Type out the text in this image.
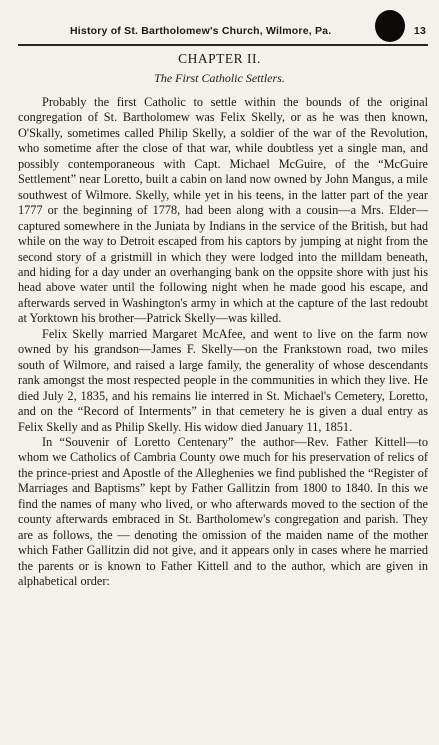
History of St. Bartholomew's Church, Wilmore, Pa.	13
CHAPTER II.
The First Catholic Settlers.

Probably the first Catholic to settle within the bounds of the original congregation of St. Bartholomew was Felix Skelly, or as he was then known, O'Skally, sometimes called Philip Skelly, a soldier of the war of the Revolution, who sometime after the close of that war, while doubtless yet a single man, and possibly contemporaneous with Capt. Michael McGuire, of the “McGuire Settlement” near Loretto, built a cabin on land now owned by John Mangus, a mile southwest of Wilmore. Skelly, while yet in his teens, in the latter part of the year 1777 or the beginning of 1778, had been along with a cousin—a Mrs. Elder—captured somewhere in the Juniata by Indians in the service of the British, but had while on the way to Detroit escaped from his captors by jumping at night from the second story of a gristmill in which they were lodged into the milldam beneath, and hiding for a day under an overhanging bank on the oppsite shore with just his head above water until the following night when he made good his escape, and afterwards served in Washington's army in which at the capture of the last redoubt at Yorktown his brother—Patrick Skelly—was killed.

Felix Skelly married Margaret McAfee, and went to live on the farm now owned by his grandson—James F. Skelly—on the Frankstown road, two miles south of Wilmore, and raised a large family, the generality of whose descendants rank amongst the most respected people in the communities in which they live. He died July 2, 1835, and his remains lie interred in St. Michael's Cemetery, Loretto, and on the “Record of Interments” in that cemetery he is given a dual entry as Felix Skelly and as Philip Skelly. His widow died January 11, 1851.

In “Souvenir of Loretto Centenary” the author—Rev. Father Kittell—to whom we Catholics of Cambria County owe much for his preservation of relics of the prince-priest and Apostle of the Alleghenies we find published the “Register of Marriages and Baptisms” kept by Father Gallitzin from 1800 to 1840. In this we find the names of many who lived, or who afterwards moved to the section of the county afterwards embraced in St. Bartholomew's congregation and parish. They are as follows, the — denoting the omission of the maiden name of the mother which Father Gallitzin did not give, and it appears only in cases where he married the parents or is known to Father Kittell and to the author, which are given in alphabetical order:
